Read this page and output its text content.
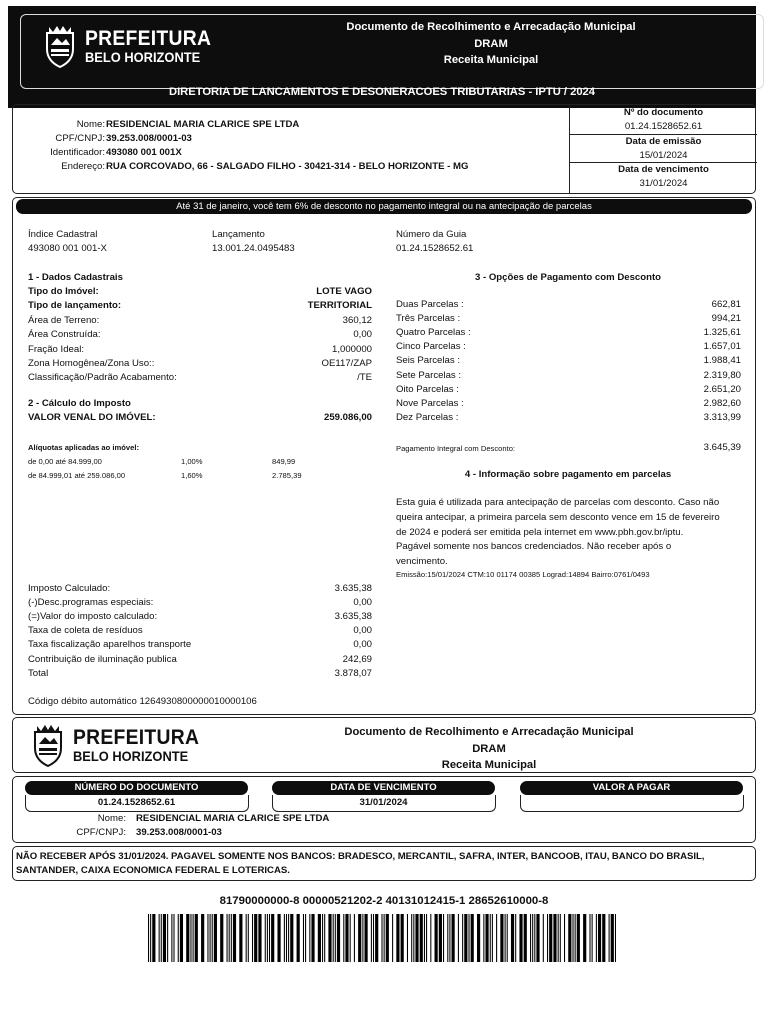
PREFEITURA
BELO HORIZONTE
Documento de Recolhimento e Arrecadação Municipal
DRAM
Receita Municipal
DIRETORIA DE LANCAMENTOS E DESONERACOES TRIBUTARIAS - IPTU / 2024
Nome: RESIDENCIAL MARIA CLARICE SPE LTDA
CPF/CNPJ: 39.253.008/0001-03
Identificador: 493080 001 001X
Endereço: RUA CORCOVADO, 66 - SALGADO FILHO - 30421-314 - BELO HORIZONTE - MG
Nº do documento
01.24.1528652.61
Data de emissão
15/01/2024
Data de vencimento
31/01/2024
Até 31 de janeiro, você tem 6% de desconto no pagamento integral ou na antecipação de parcelas
Índice Cadastral
493080 001 001-X
Lançamento
13.001.24.0495483
Número da Guia
01.24.1528652.61
1 - Dados Cadastrais
Tipo do Imóvel:	LOTE VAGO
Tipo de lançamento:	TERRITORIAL
Área de Terreno:	360,12
Área Construída:	0,00
Fração Ideal:	1,000000
Zona Homogênea/Zona Uso::	OE117/ZAP
Classificação/Padrão Acabamento:	/TE
2 - Cálculo do Imposto
VALOR VENAL DO IMÓVEL:	259.086,00
Alíquotas aplicadas ao imóvel:
de 0,00 até 84.999,00	1,00%	849,99
de 84.999,01 até 259.086,00	1,60%	2.785,39
Imposto Calculado:	3.635,38
(-)Desc.programas especiais:	0,00
(=)Valor do imposto calculado:	3.635,38
Taxa de coleta de resíduos	0,00
Taxa fiscalização aparelhos transporte	0,00
Contribuição de iluminação publica	242,69
Total	3.878,07
Código débito automático 1264930800000010000106
3 - Opções de Pagamento com Desconto
Duas Parcelas :	662,81
Três Parcelas :	994,21
Quatro Parcelas :	1.325,61
Cinco Parcelas :	1.657,01
Seis Parcelas :	1.988,41
Sete Parcelas :	2.319,80
Oito Parcelas :	2.651,20
Nove Parcelas :	2.982,60
Dez Parcelas :	3.313,99
Pagamento Integral com Desconto:	3.645,39
4 - Informação sobre pagamento em parcelas
Esta guia é utilizada para antecipação de parcelas com desconto. Caso não
queira antecipar, a primeira parcela sem desconto vence em 15 de fevereiro
de 2024 e poderá ser emitida pela internet em www.pbh.gov.br/iptu.
Pagável somente nos bancos credenciados. Não receber após o
vencimento.
Emissão:15/01/2024 CTM:10 01174 00385 Lograd:14894 Bairro:0761/0493
PREFEITURA
BELO HORIZONTE
Documento de Recolhimento e Arrecadação Municipal
DRAM
Receita Municipal
NÚMERO DO DOCUMENTO
01.24.1528652.61
DATA DE VENCIMENTO
31/01/2024
VALOR A PAGAR
Nome: RESIDENCIAL MARIA CLARICE SPE LTDA
CPF/CNPJ: 39.253.008/0001-03
NÃO RECEBER APÓS 31/01/2024. PAGAVEL SOMENTE NOS BANCOS: BRADESCO, MERCANTIL, SAFRA, INTER, BANCOOB, ITAU, BANCO DO BRASIL,
SANTANDER, CAIXA ECONOMICA FEDERAL E LOTERICAS.
81790000000-8 00000521202-2 40131012415-1 28652610000-8
